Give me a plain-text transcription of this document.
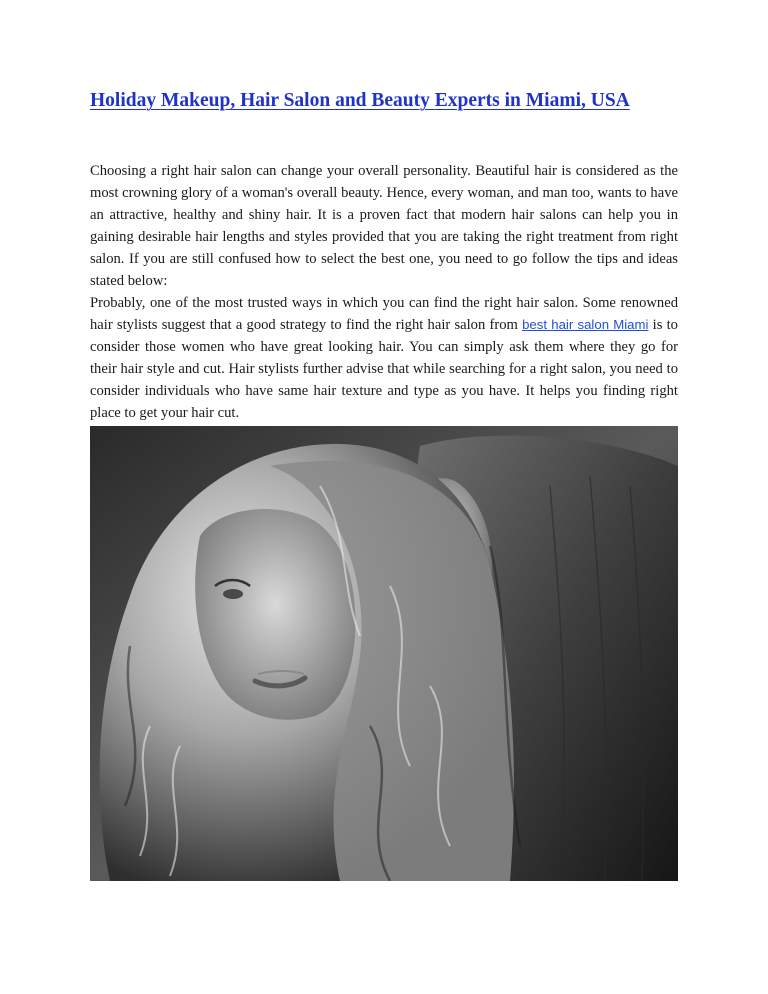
Holiday Makeup, Hair Salon and Beauty Experts in Miami, USA

Choosing a right hair salon can change your overall personality. Beautiful hair is considered as the most crowning glory of a woman's overall beauty. Hence, every woman, and man too, wants to have an attractive, healthy and shiny hair. It is a proven fact that modern hair salons can help you in gaining desirable hair lengths and styles provided that you are taking the right treatment from right salon. If you are still confused how to select the best one, you need to go follow the tips and ideas stated below:

Probably, one of the most trusted ways in which you can find the right hair salon. Some renowned hair stylists suggest that a good strategy to find the right hair salon from best hair salon Miami is to consider those women who have great looking hair. You can simply ask them where they go for their hair style and cut. Hair stylists further advise that while searching for a right salon, you need to consider individuals who have same hair texture and type as you have. It helps you finding right place to get your hair cut.
